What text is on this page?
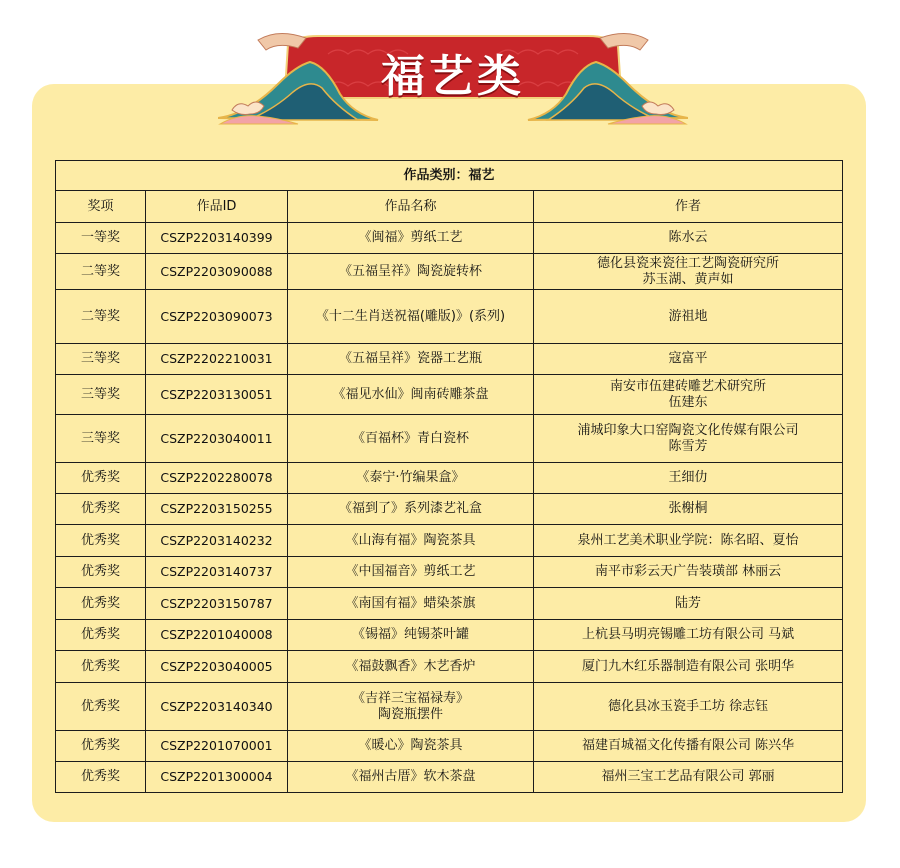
福艺类
作品类别：福艺			
奖项	作品ID	作品名称	作者
一等奖	CSZP2203140399	《闽福》剪纸工艺	陈水云

二等奖	CSZP2203090088	《五福呈祥》陶瓷旋转杯	德化县瓷来瓷往工艺陶瓷研究所
苏玉湖、黄声如

二等奖	CSZP2203090073	《十二生肖送祝福(雕版)》(系列)	游祖地

三等奖	CSZP2202210031	《五福呈祥》瓷器工艺瓶	寇富平

三等奖	CSZP2203130051	《福见水仙》闽南砖雕茶盘	南安市伍建砖雕艺术研究所
伍建东

三等奖	CSZP2203040011	《百福杯》青白瓷杯	浦城印象大口窑陶瓷文化传媒有限公司
陈雪芳

优秀奖	CSZP2202280078	《泰宁·竹编果盒》	王细仂

优秀奖	CSZP2203150255	《福到了》系列漆艺礼盒	张榭桐

优秀奖	CSZP2203140232	《山海有福》陶瓷茶具	泉州工艺美术职业学院：陈名昭、夏怡

优秀奖	CSZP2203140737	《中国福音》剪纸工艺	南平市彩云天广告装璜部 林丽云

优秀奖	CSZP2203150787	《南国有福》蜡染茶旗	陆芳

优秀奖	CSZP2201040008	《锡福》纯锡茶叶罐	上杭县马明亮锡雕工坊有限公司 马斌

优秀奖	CSZP2203040005	《福鼓飘香》木艺香炉	厦门九木红乐器制造有限公司 张明华

优秀奖	CSZP2203140340	《吉祥三宝福禄寿》
陶瓷瓶摆件	德化县冰玉瓷手工坊 徐志钰

优秀奖	CSZP2201070001	《暖心》陶瓷茶具	福建百城福文化传播有限公司 陈兴华

优秀奖	CSZP2201300004	《福州古厝》软木茶盘	福州三宝工艺品有限公司 郭丽
